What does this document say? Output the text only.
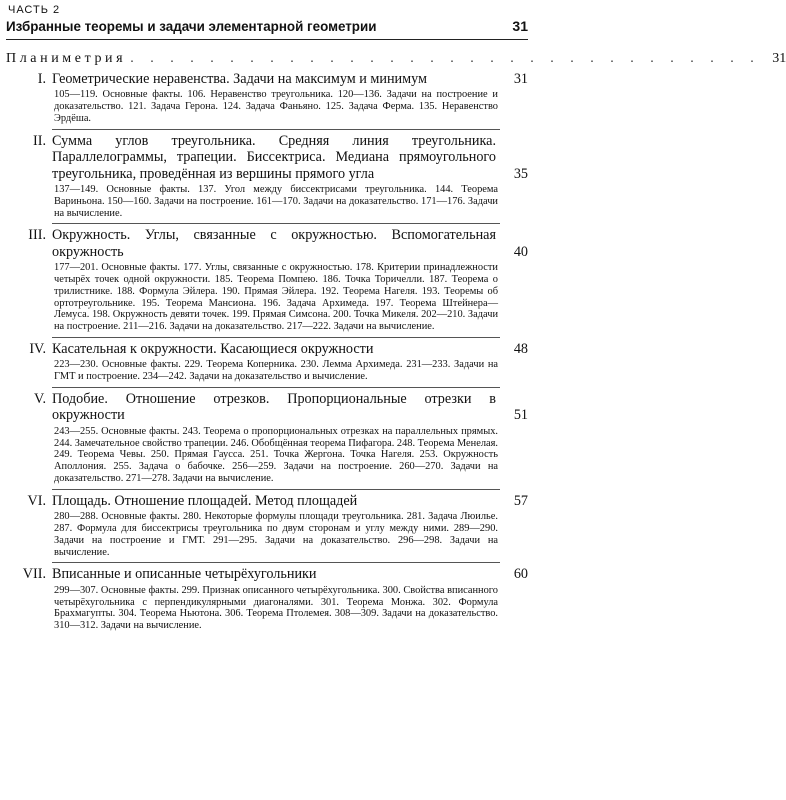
ЧАСТЬ 2
Избранные теоремы и задачи элементарной геометрии	31
Планиметрия . . . . . . . . . . . . . . . . . . . . . . . . . . . . . . . . 31
I. Геометрические неравенства. Задачи на максимум и минимум	31
105—119. Основные факты. 106. Неравенство треугольника. 120—136. Задачи на построение и доказательство. 121. Задача Герона. 124. Задача Фаньяно. 125. Задача Ферма. 135. Неравенство Эрдёша.
II. Сумма углов треугольника. Средняя линия треугольника. Параллелограммы, трапеции. Биссектриса. Медиана прямоугольного треугольника, проведённая из вершины прямого угла	35
137—149. Основные факты. 137. Угол между биссектрисами треугольника. 144. Теорема Вариньона. 150—160. Задачи на построение. 161—170. Задачи на доказательство. 171—176. Задачи на вычисление.
III. Окружность. Углы, связанные с окружностью. Вспомогательная окружность	40
177—201. Основные факты. 177. Углы, связанные с окружностью. 178. Критерии принадлежности четырёх точек одной окружности. 185. Теорема Помпею. 186. Точка Торичелли. 187. Теорема о трилистнике. 188. Формула Эйлера. 190. Прямая Эйлера. 192. Теорема Нагеля. 193. Теоремы об ортотреугольнике. 195. Теорема Мансиона. 196. Задача Архимеда. 197. Теорема Штейнера—Лемуса. 198. Окружность девяти точек. 199. Прямая Симсона. 200. Точка Микеля. 202—210. Задачи на построение. 211—216. Задачи на доказательство. 217—222. Задачи на вычисление.
IV. Касательная к окружности. Касающиеся окружности	48
223—230. Основные факты. 229. Теорема Коперника. 230. Лемма Архимеда. 231—233. Задачи на ГМТ и построение. 234—242. Задачи на доказательство и вычисление.
V. Подобие. Отношение отрезков. Пропорциональные отрезки в окружности	51
243—255. Основные факты. 243. Теорема о пропорциональных отрезках на параллельных прямых. 244. Замечательное свойство трапеции. 246. Обобщённая теорема Пифагора. 248. Теорема Менелая. 249. Теорема Чевы. 250. Прямая Гаусса. 251. Точка Жергона. Точка Нагеля. 253. Окружность Аполлония. 255. Задача о бабочке. 256—259. Задачи на построение. 260—270. Задачи на доказательство. 271—278. Задачи на вычисление.
VI. Площадь. Отношение площадей. Метод площадей	57
280—288. Основные факты. 280. Некоторые формулы площади треугольника. 281. Задача Люилье. 287. Формула для биссектрисы треугольника по двум сторонам и углу между ними. 289—290. Задачи на построение и ГМТ. 291—295. Задачи на доказательство. 296—298. Задачи на вычисление.
VII. Вписанные и описанные четырёхугольники	60
299—307. Основные факты. 299. Признак описанного четырёхугольника. 300. Свойства вписанного четырёхугольника с перпендикулярными диагоналями. 301. Теорема Монжа. 302. Формула Брахмагупты. 304. Теорема Ньютона. 306. Теорема Птолемея. 308—309. Задачи на доказательство. 310—312. Задачи на вычисление.
